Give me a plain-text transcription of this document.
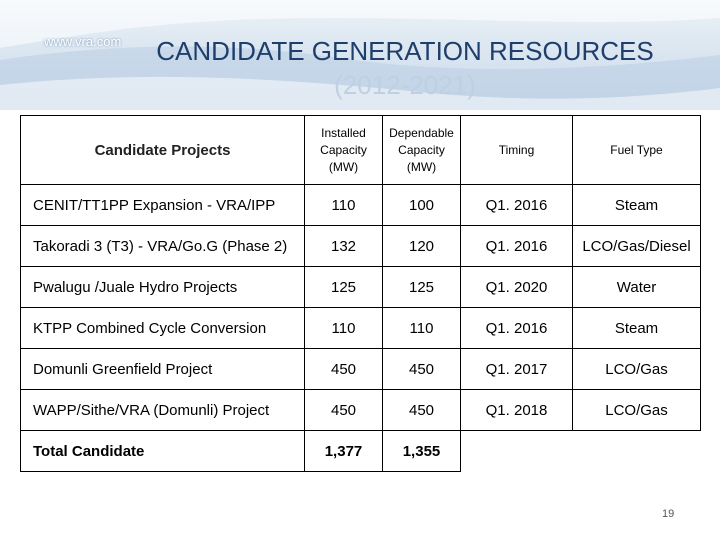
www.vra.com CANDIDATE GENERATION RESOURCES
(2012-2021)
Candidate Projects	Installed Capacity (MW)	Dependable Capacity (MW)	Timing	Fuel Type
CENIT/TT1PP Expansion - VRA/IPP	110	100	Q1. 2016	Steam
Takoradi 3 (T3) - VRA/Go.G (Phase 2)	132	120	Q1. 2016	LCO/Gas/Diesel
Pwalugu /Juale Hydro Projects	125	125	Q1. 2020	Water
KTPP Combined Cycle Conversion	110	110	Q1. 2016	Steam
Domunli Greenfield Project	450	450	Q1. 2017	LCO/Gas
WAPP/Sithe/VRA (Domunli) Project	450	450	Q1. 2018	LCO/Gas
Total Candidate	1,377	1,355		
19
